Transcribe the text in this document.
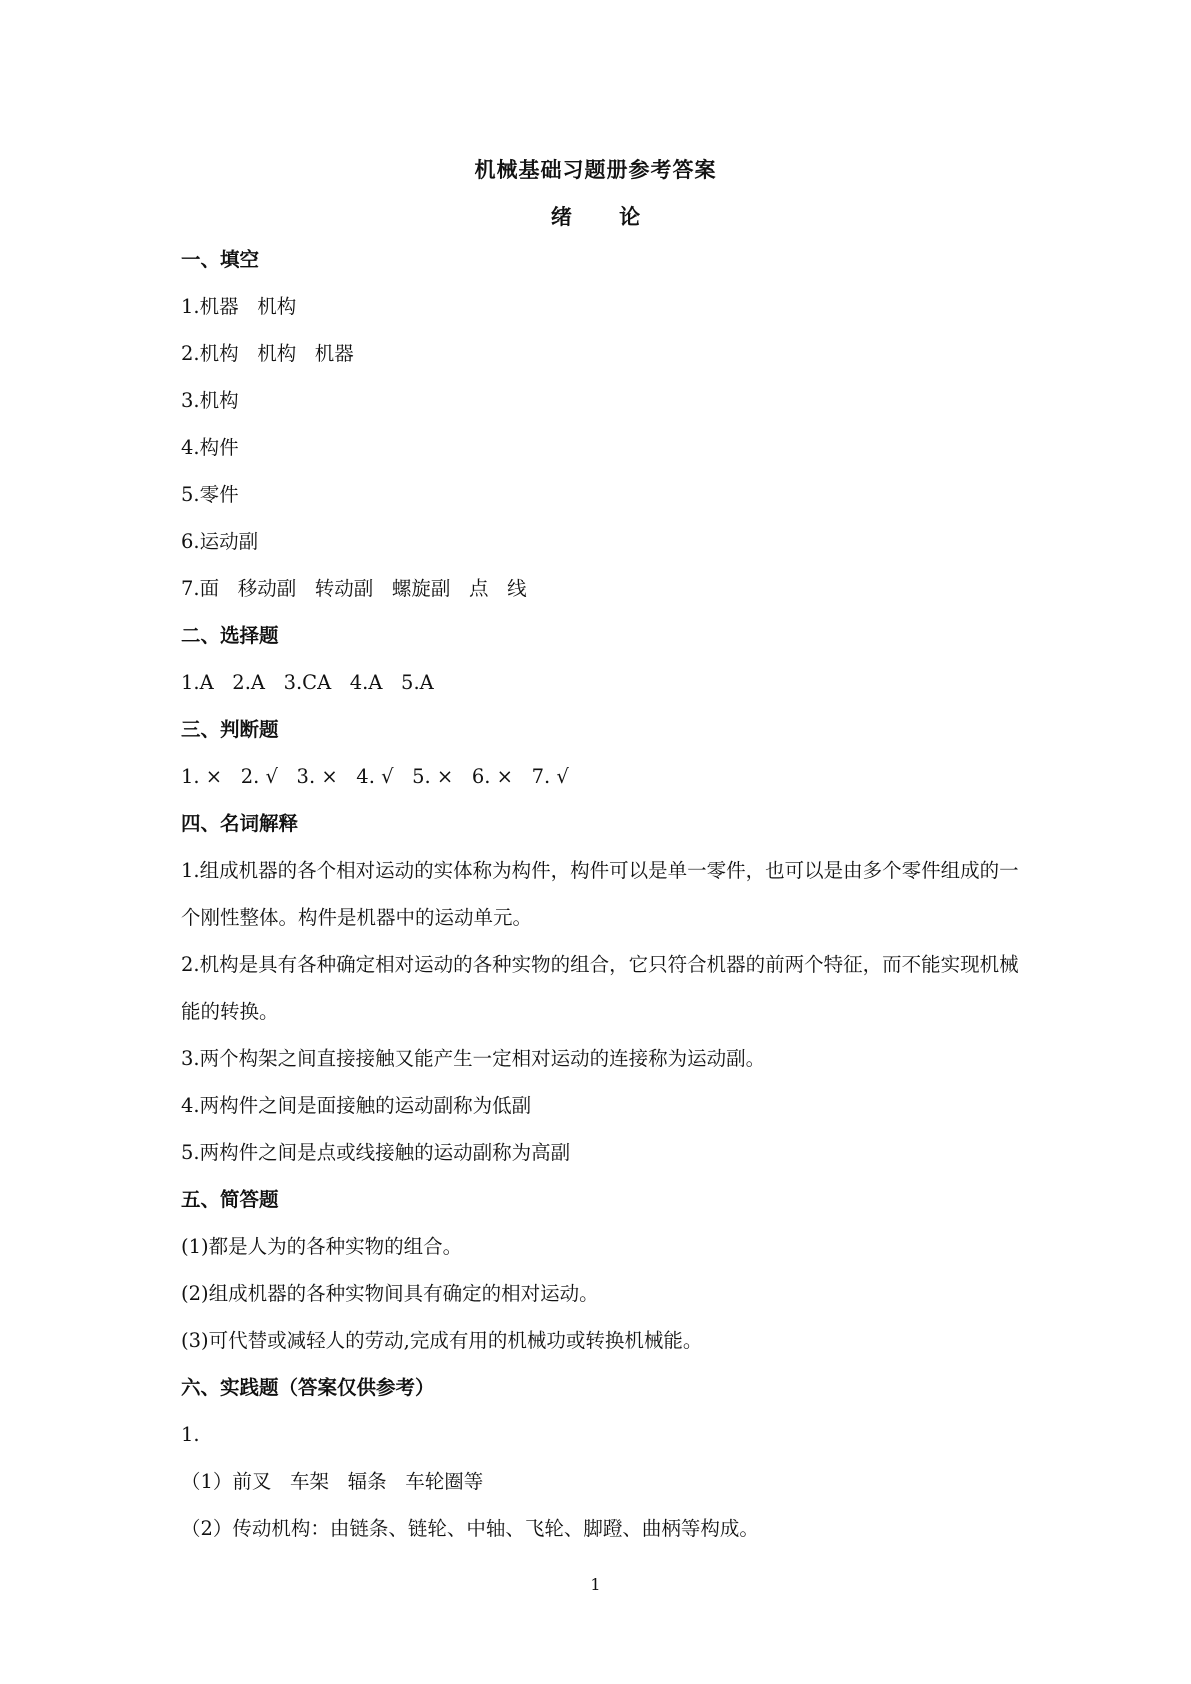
机械基础习题册参考答案
绪 论
一、填空
1.机器   机构
2.机构   机构   机器
3.机构
4.构件
5.零件
6.运动副
7.面   移动副   转动副   螺旋副   点   线
二、选择题
1.A   2.A   3.CA   4.A   5.A
三、判断题
1. ×   2. √   3. ×   4. √   5. ×   6. ×   7. √
四、名词解释
1.组成机器的各个相对运动的实体称为构件，构件可以是单一零件，也可以是由多个零件组成的一个刚性整体。构件是机器中的运动单元。
2.机构是具有各种确定相对运动的各种实物的组合，它只符合机器的前两个特征，而不能实现机械能的转换。
3.两个构架之间直接接触又能产生一定相对运动的连接称为运动副。
4.两构件之间是面接触的运动副称为低副
5.两构件之间是点或线接触的运动副称为高副
五、简答题
(1)都是人为的各种实物的组合。
(2)组成机器的各种实物间具有确定的相对运动。
(3)可代替或减轻人的劳动,完成有用的机械功或转换机械能。
六、实践题（答案仅供参考）
1.
（1）前叉   车架   辐条   车轮圈等
（2）传动机构：由链条、链轮、中轴、飞轮、脚蹬、曲柄等构成。
1
